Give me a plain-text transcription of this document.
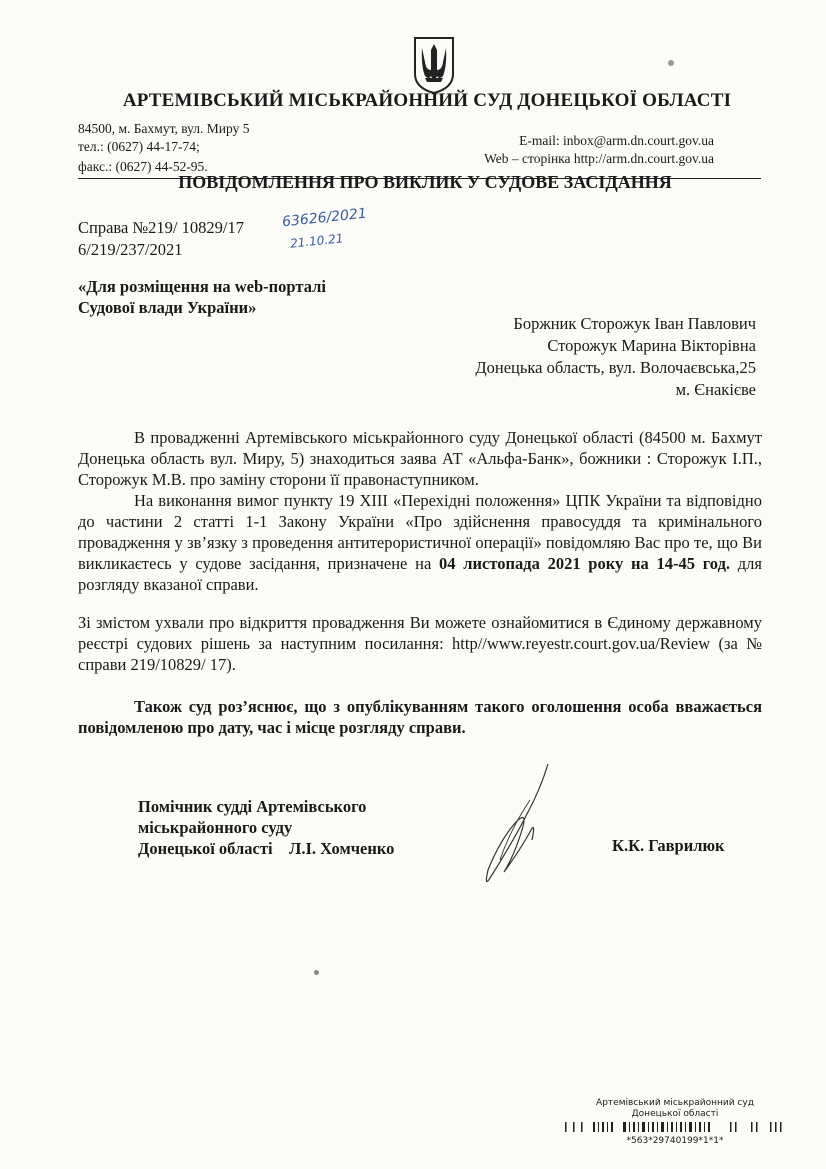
АРТЕМІВСЬКИЙ МІСЬКРАЙОННИЙ СУД ДОНЕЦЬКОЇ ОБЛАСТІ
84500, м. Бахмут, вул. Миру 5
тел.: (0627) 44-17-74;
факс.: (0627) 44-52-95.
E-mail: inbox@arm.dn.court.gov.ua
Web – сторінка http://arm.dn.court.gov.ua
ПОВІДОМЛЕННЯ ПРО ВИКЛИК У СУДОВЕ ЗАСІДАННЯ
Справа №219/ 10829/17
6/219/237/2021
63626/2021
21.10.21
«Для розміщення на web-порталі
Судової влади України»
Боржник Сторожук Іван Павлович
Сторожук Марина Вікторівна
Донецька область, вул. Волочаєвська,25
м. Єнакієве
В провадженні Артемівського міськрайонного суду Донецької області (84500 м. Бахмут Донецька область вул. Миру, 5) знаходиться заява АТ «Альфа-Банк», божники : Сторожук І.П., Сторожук М.В. про заміну сторони її правонаступником.
На виконання вимог пункту 19 ХІІІ «Перехідні положення» ЦПК України та відповідно до частини 2 статті 1-1 Закону України «Про здійснення правосуддя та кримінального провадження у зв’язку з проведення антитерористичної операції» повідомляю Вас про те, що Ви викликаєтесь у судове засідання, призначене на 04 листопада 2021 року на 14-45 год. для розгляду вказаної справи.
Зі змістом ухвали про відкриття провадження Ви можете ознайомитися в Єдиному державному реєстрі судових рішень за наступним посилання: http//www.reyestr.court.gov.ua/Review (за № справи 219/10829/ 17).
Також суд роз’яснює, що з опублікуванням такого оголошення особа вважається повідомленою про дату, час і місце розгляду справи.
Помічник судді Артемівського
міськрайонного суду
Донецької області    Л.І. Хомченко	К.К. Гаврилюк
Артемівський міськрайонний суд
Донецької області
*563*29740199*1*1*
